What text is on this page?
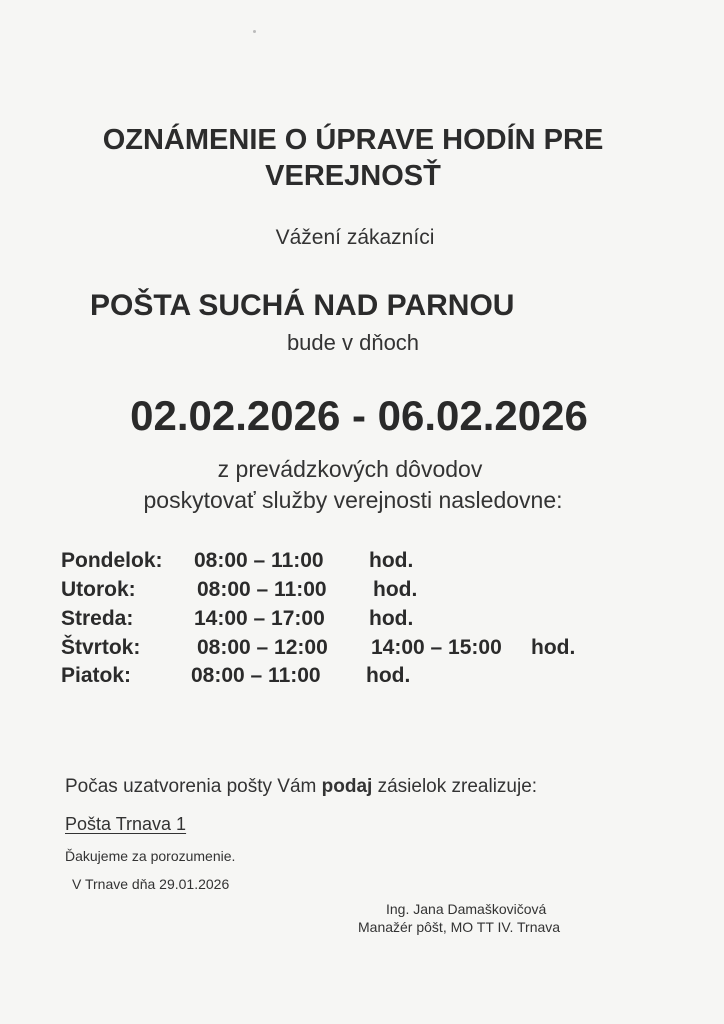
OZNÁMENIE O ÚPRAVE HODÍN PRE
VEREJNOSŤ
Vážení zákazníci
POŠTA SUCHÁ NAD PARNOU
bude v dňoch
02.02.2026 - 06.02.2026
z prevádzkových dôvodov
poskytovať služby verejnosti nasledovne:
Pondelok: 08:00 – 11:00 hod.
Utorok:	08:00 – 11:00 hod.
Streda:	14:00 – 17:00 hod.
Štvrtok:	08:00 – 12:00 14:00 – 15:00 hod.
Piatok:	08:00 – 11:00 hod.
Počas uzatvorenia pošty Vám podaj zásielok zrealizuje:
Pošta Trnava 1
Ďakujeme za porozumenie.
V Trnave dňa 29.01.2026
Ing. Jana Damaškovičová
Manažér pôšt, MO TT IV. Trnava
